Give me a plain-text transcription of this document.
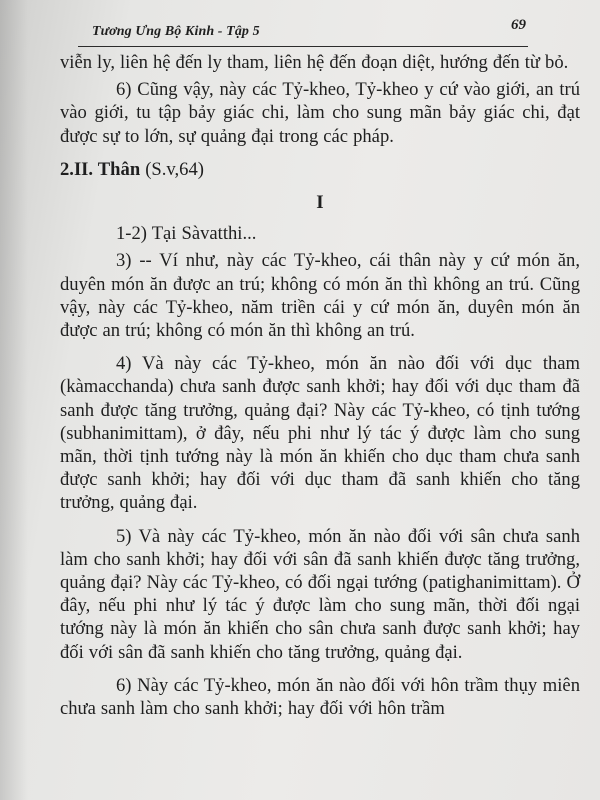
Tương Ưng Bộ Kinh - Tập 5	69

viễn ly, liên hệ đến ly tham, liên hệ đến đoạn diệt, hướng đến từ bỏ.

6) Cũng vậy, này các Tỷ-kheo, Tỷ-kheo y cứ vào giới, an trú vào giới, tu tập bảy giác chi, làm cho sung mãn bảy giác chi, đạt được sự to lớn, sự quảng đại trong các pháp.

2.II. Thân (S.v,64)

I

1-2) Tại Sàvatthi...

3) -- Ví như, này các Tỷ-kheo, cái thân này y cứ món ăn, duyên món ăn được an trú; không có món ăn thì không an trú. Cũng vậy, này các Tỷ-kheo, năm triền cái y cứ món ăn, duyên món ăn được an trú; không có món ăn thì không an trú.

4) Và này các Tỷ-kheo, món ăn nào đối với dục tham (kàmacchanda) chưa sanh được sanh khởi; hay đối với dục tham đã sanh được tăng trưởng, quảng đại? Này các Tỷ-kheo, có tịnh tướng (subhanimittam), ở đây, nếu phi như lý tác ý được làm cho sung mãn, thời tịnh tướng này là món ăn khiến cho dục tham chưa sanh được sanh khởi; hay đối với dục tham đã sanh khiến cho tăng trưởng, quảng đại.

5) Và này các Tỷ-kheo, món ăn nào đối với sân chưa sanh làm cho sanh khởi; hay đối với sân đã sanh khiến được tăng trưởng, quảng đại? Này các Tỷ-kheo, có đối ngại tướng (patighanimittam). Ở đây, nếu phi như lý tác ý được làm cho sung mãn, thời đối ngại tướng này là món ăn khiến cho sân chưa sanh được sanh khởi; hay đối với sân đã sanh khiến cho tăng trưởng, quảng đại.

6) Này các Tỷ-kheo, món ăn nào đối với hôn trầm thụy miên chưa sanh làm cho sanh khởi; hay đối với hôn trầm
